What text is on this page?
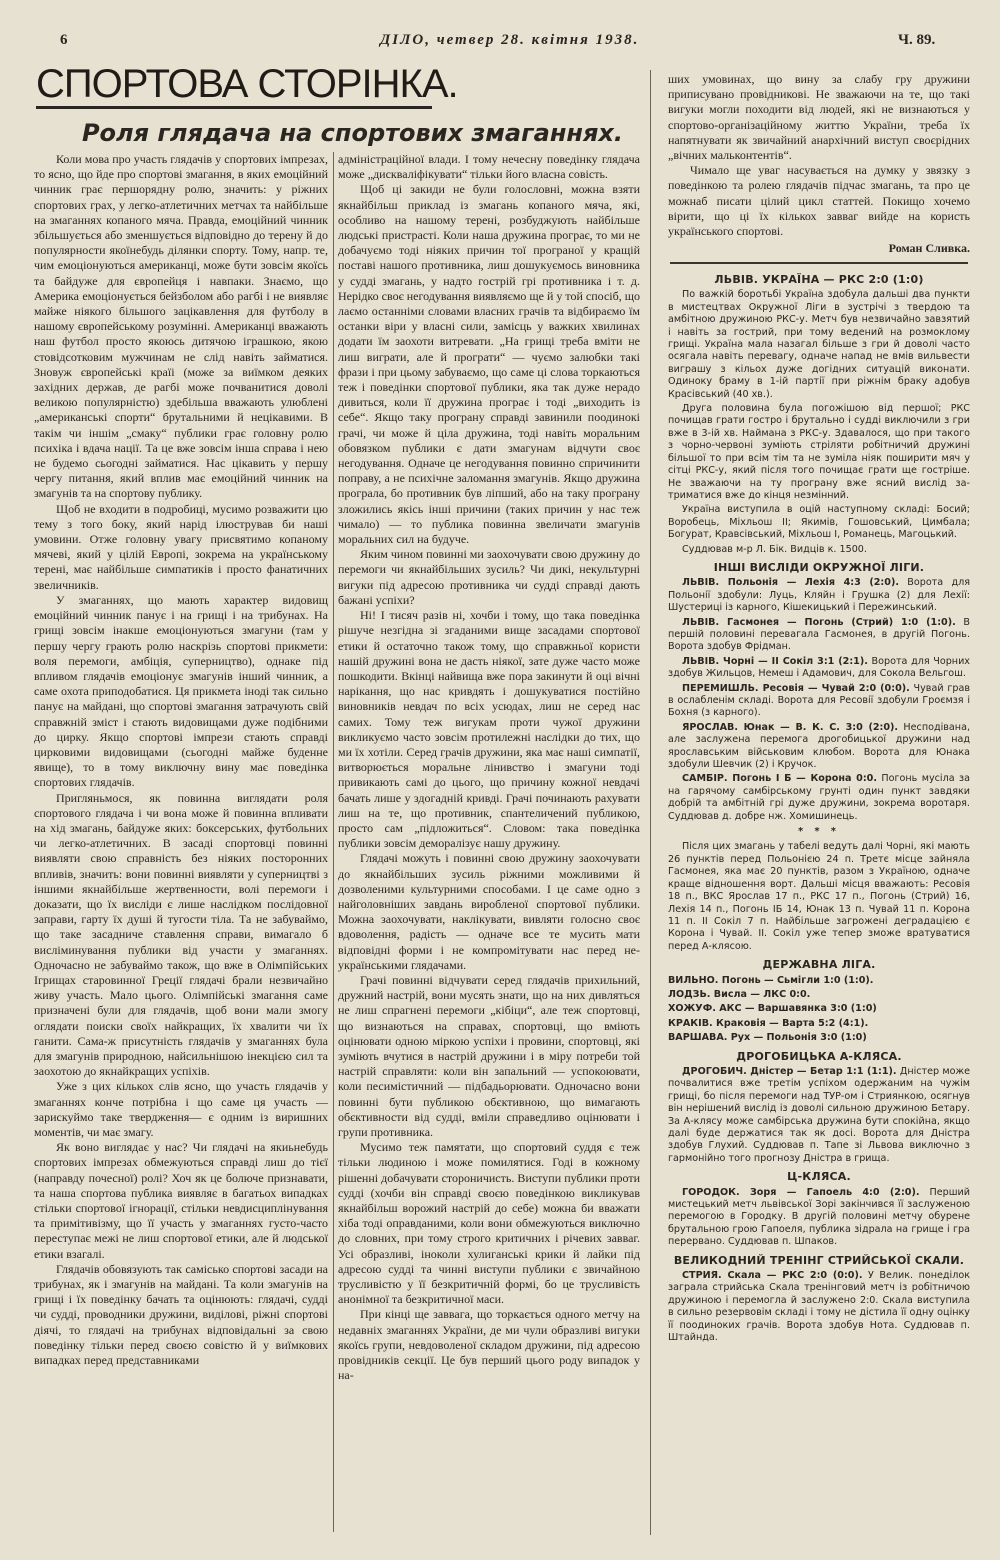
6	ДІЛО, четвер 28. квітня 1938.	Ч. 89.
СПОРТОВА СТОРІНКА.
Роля глядача на спортових змаганнях.

Коли мова про участь глядачів у спортових імпрезах, то ясно, що йде про спортові змагання, в яких емоційний чинник грає першорядну ролю, значить: у ріжних спортових грах, у легко-атлетичних метчах та найбільше на змаганнях копаного мяча. Правда, емоційний чинник збільшується або зменшується відповідно до терену й до популярности якоїнебудь ділянки спорту. Тому, напр. те, чим емоціонуються американці, може бути зовсім якоїсь та байдуже для європейця і навпаки. Знаємо, що Америка емоціонується бейзболом або рагбі і не виявляє майже ніякого більшого зацікавлення для футболу в нашому європейському розумінні. Американці вважають наш футбол просто якоюсь дитячою іграшкою, якою стовідсотковим мужчинам не слід навіть займатися. Зновуж європейські країі (може за виїмком деяких західних держав, де рагбі може почванитися доволі великою популярністю) здебільша вважають улюблені „американські спорти“ брутальними й нецікавими. В такім чи іншім „смаку“ публики грає головну ролю психіка і вдача нації. Та це вже зовсім інша справа і нею не будемо сьогодні займатися. Нас цікавить у першу чергу питання, який вплив має емоційний чинник на змагунів та на спортову публику.

Щоб не входити в подробиці, мусимо розважити цю тему з того боку, який нарід ілюстрував би наші умовини. Отже головну увагу присвятимо копаному мячеві, який у цілій Европі, зокрема на українському терені, має найбільше симпатиків і просто фанатичних звеличників.

У змаганнях, що мають характер видовищ емоційний чинник панує і на грищі і на трибунах. На грищі зовсім інакше емоціонуються змагуни (там у першу чергу грають ролю наскрізь спортові прикмети: воля перемоги, амбіція, суперництво), однаке під впливом глядачів емоціонує змагунів інший чинник, а саме охота приподобатися. Ця прикмета іноді так сильно панує на майдані, що спортові змагання затрачують свій справжній зміст і стають видовищами дуже подібними до цирку. Якщо спортові імпрези стають справді цирковими видовищами (сьогодні майже буденне явище), то в тому виключну вину має поведінка спортових глядачів.

Пригляньмося, як повинна виглядати роля спортового глядача і чи вона може й повинна впливати на хід змагань, байдуже яких: боксерських, футбольних чи легко-атлетичних. В засаді спортовці повинні виявляти свою справність без ніяких посторонних впливів, значить: вони повинні виявляти у суперництві з іншими якнайбільше жертвенности, волі перемоги і доказати, що їх висліди є лише наслідком послідовної заправи, гарту їх душі й тугости тіла. Та не забуваймо, що таке засадниче ставлення справи, вимагало б висліминування публики від участи у змаганнях. Одночасно не забуваймо також, що вже в Олімпійських Ігрищах старовинної Греції глядачі брали незвичайно живу участь. Мало цього. Олімпійські змагання саме призначені були для глядачів, щоб вони мали змогу оглядати поиски своїх найкращих, їх хвалити чи їх ганити. Сама-ж присутність глядачів у змаганнях була для змагунів природною, найсильнішою інекцією сил та заохотою до якнайкращих успіхів.

Уже з цих кількох слів ясно, що участь глядачів у змаганнях конче потрібна і що саме ця участь — зарискуймо таке твердження— є одним із виришних моментів, чи має змагу.

Як воно виглядає у нас? Чи глядачі на якиьнебудь спортових імпрезах обмежуються справді лиш до тієї (направду почесної) ролі? Хоч як це болюче признавати, та наша спортова публика виявляє в багатьох випадках стільки спортової ігнорації, стільки невдисциплінування та примітивізму, що її участь у змаганнях густо-часто переступає межі не лиш спортової етики, але й людської етики взагалі.

Глядачів обовязують так самісько спортові засади на трибунах, як і змагунів на майдані. Та коли змагунів на грищі і їх поведінку бачать та оцінюють: глядачі, судді чи судді, проводники дружини, виділові, ріжні спортові діячі, то глядачі на трибунах відповідальні за свою поведінку тільки перед своєю совістю й у виїмкових випадках перед представниками

адміністраційної влади. І тому нечесну поведінку глядача може „дискваліфікувати“ тільки його власна совість.

Щоб ці закиди не були голословні, можна взяти якнайбільш приклад із змагань копаного мяча, які, особливо на нашому терені, розбуджують найбільше людські пристрасті. Коли наша дружина програє, то ми не добачуємо тоді ніяких причин тої програної у кращій поставі нашого противника, лиш дошукуємось виновника у судді змагань, у надто гострій грі противника і т. д. Нерідко своє негодування виявляємо ще й у той спосіб, що лаємо останніми словами власних грачів та відбираємо їм останки віри у власні сили, замісць у важких хвилинах додати їм заохоти витревати. „На грищі треба вміти не лиш виграти, але й програти“ — чуємо залюбки такі фрази і при цьому забуваємо, що саме ці слова торкаються теж і поведінки спортової публики, яка так дуже нерадо дивиться, коли її дружина програє і тоді „виходить із себе“. Якщо таку програну справді завинили поодинокі грачі, чи може й ціла дружина, тоді навіть моральним обовязком публики є дати змагунам відчути своє негодування. Одначе це негодування повинно спричинити поправу, а не психічне заломання змагунів. Якщо дружина програла, бо противник був ліпший, або на таку програну зложились якісь інші причини (таких причин у нас теж чимало) — то публика повинна звеличати змагунів моральних сил на будуче.

Яким чином повинні ми заохочувати свою дружину до перемоги чи якнайбільших зусиль? Чи дикі, некультурні вигуки під адресою противника чи судді справді дають бажані успіхи?

Ні! І тисяч разів ні, хочби і тому, що така поведінка рішуче незгідна зі згаданими вище засадами спортової етики й остаточно також тому, що справжньої користи нашій дружині вона не дасть ніякої, зате дуже часто може пошкодити. Вкінці найвища вже пора закинути й оці вічні нарікання, що нас кривдять і дошукуватися постійно виновників невдач по всіх усюдах, лиш не серед нас самих. Тому теж вигукам проти чужої дружини викликуємо часто зовсім протилежні наслідки до тих, що ми їх хотіли. Серед грачів дружини, яка має наші симпатії, витворюється моральне лінивство і змагуни тоді привикають самі до цього, що причину кожної невдачі бачать лише у здогадній кривді. Грачі починають рахувати лиш на те, що противник, спантеличений публикою, просто сам „підложиться“. Словом: така поведінка публики зовсім деморалізує нашу дружину.

Глядачі можуть і повинні свою дружину заохочувати до якнайбільших зусиль ріжними можливими й дозволеними культурними способами. І це саме одно з найголовніших завдань виробленої спортової публики. Можна заохочувати, наклікувати, вивляти голосно своє вдоволення, радість — одначе все те мусить мати відповідні форми і не компромітувати нас перед не-українськими глядачами.

Грачі повинні відчувати серед глядачів прихильний, дружний настрій, вони мусять знати, що на них дивляться не лиш спрагнені перемоги „кібіци“, але теж спортовці, що визнаються на справах, спортовці, що вміють оцінювати одною міркою успіхи і провини, спортовці, які зуміють вчутися в настрій дружини і в міру потреби той настрій справляти: коли він запальний — успокоювати, коли песимістичний — підбадьорювати. Одночасно вони повинні бути публикою обєктивною, що вимагають обєктивности від судді, вміли справедливо оцінювати і групи противника.

Мусимо теж памятати, що спортовий суддя є теж тільки людиною і може помилятися. Годі в кожному рішенні добачувати стороничисть. Виступи публики проти судді (хочби він справді своєю поведінкою викликував якнайбільш ворожий настрій до себе) можна би вважати хіба тоді оправданими, коли вони обмежуються виключно до словних, при тому строго критичних і річевих завваг. Усі образливі, іноколи хулиганські крики й лайки під адресою судді та чинні виступи публики є звичайною трусливістю у її безкритичній формі, бо це трусливість анонімної та безкритичної маси.

При кінці ще заввага, що торкається одного метчу на недавніх змаганнях України, де ми чули образливі вигуки якоїсь групи, невдоволеної складом дружини, під адресою провідників секції. Це був перший цього роду випадок у на-

ших умовинах, що вину за слабу гру дружини приписувано провідникові. Не зважаючи на те, що такі вигуки могли походити від людей, які не визнаються у спортово-організаційному життю України, треба їх напятнувати як звичайний анархічний виступ своєрідних „вічних мальконтентів“.

Чимало ще уваг насувається на думку у звязку з поведінкою та ролею глядачів підчас змагань, та про це можнаб писати цілий цикл статтей. Покищо хочемо вірити, що ці їх кількох завваг вийде на користь українського спортові.

Роман Сливка.

ЛЬВІВ. УКРАЇНА — РКС 2:0 (1:0)

По важкій боротьбі Україна здобула дальші два пункти в мистецтвах Окружної Ліги в зустрічі з твердою та амбітною дружиною РКС-у. Метч був незвичайно завзятий і навіть за гострий, при тому ведений на розмоклому грищі. Україна мала назагал більше з гри й доволі часто осягала навіть перевагу, одначе напад не вмів вильвести виграшу з кільох дуже догідних ситуацій виконати. Одиноку браму в 1-ій партії при ріжнім браку адобув Красівський (40 хв.).

Друга половина була погожішою від першої; РКС почищав грати гостро і брутально і судді виключили з гри вже в 3-ій хв. Наймана з РКС-у. Здавалося, що при такого з чорно-червоні зуміють стріляти робітничий дружині більшої то при всім тім та не зуміла ніяк поширити мяч у сітці РКС-у, який після того почищає грати ще гостріше. Не зважаючи на ту програну вже ясний вислід затриматися вже до кінця незмінний.

Україна виступила в оцій наступному складі: Босий; Воробець, Міхльош ІІ; Якимів, Гошовський, Цимбала; Богурат, Кравсівський, Міхльош І, Романець, Магоцький.

Суддював м-р Л. Бік. Видців к. 1500.

ІНШІ ВИСЛІДИ ОКРУЖНОЇ ЛІГИ.

ЛЬВІВ. Польонія — Лехія 4:3 (2:0). Ворота для Польонії здобули: Луць, Кляйн і Грушка (2) для Лехії: Шустерицi із карного, Кішекицький і Пережинський.

ЛЬВІВ. Гасмонея — Погонь (Стрий) 1:0 (1:0). В першій половині перевагала Гасмонея, в другій Погонь. Ворота здобув Фрідман.

ЛЬВІВ. Чорні — ІІ Сокіл 3:1 (2:1). Ворота для Чорних здобув Жильцов, Немеш і Адамович, для Сокола Вельгош.

ПЕРЕМИШЛЬ. Ресовія — Чувай 2:0 (0:0). Чувай грав в ослабленім складі. Ворота для Ресовії здобули Гроємзя і Бохня (з карного).

ЯРОСЛАВ. Юнак — В. К. С. 3:0 (2:0). Несподівана, але заслужена перемога дрогобицької дружини над ярославським військовим клюбом. Ворота для Юнака здобули Шевчик (2) і Кручок.

САМБІР. Погонь І Б — Корона 0:0. Погонь мусіла за на гарячому самбірському грунті один пункт завдяки добрій та амбітній грі дуже дружини, зокрема воротаря. Суддював д. добре нж. Хомишинець.

* * *

Після цих змагань у табелі ведуть далі Чорні, які мають 26 пунктів перед Польонією 24 п. Третє місце зайняла Гасмонея, яка має 20 пунктів, разом з Україною, одначе краще відношення ворт. Дальші місця вважають: Ресовія 18 п., ВКС Ярослав 17 п., РКС 17 п., Погонь (Стрий) 16, Лехія 14 п., Погонь ІБ 14, Юнак 13 п. Чувай 11 п. Корона 11 п. ІІ Сокіл 7 п. Найбільше загрожені деградацією є Корона і Чувай. ІІ. Сокіл уже тепер зможе вратуватися перед А-клясою.

ДЕРЖАВНА ЛІГА.

ВИЛЬНО. Погонь — Сьмігли 1:0 (1:0).

ЛОДЗЬ. Висла — ЛКС 0:0.

ХОЖУФ. АКС — Варшавянка 3:0 (1:0)

КРАКІВ. Краковія — Варта 5:2 (4:1).

ВАРШАВА. Рух — Польонія 3:0 (1:0)

ДРОГОБИЦЬКА А-КЛЯСА.

ДРОГОБИЧ. Дністер — Бетар 1:1 (1:1). Дністер може почвалитися вже третім успіхом одержаним на чужім грищі, бо після перемоги над ТУР-ом і Стриянкою, осягнув він нерішений вислід із доволі сильною дружиною Бетару. За А-клясу може самбірська дружина бути спокійна, якщо далі буде держатися так як досі. Ворота для Дністра здобув Глухий. Суддював п. Тапе зі Львова виключно з гармонійно того прогнозу Дністра в грища.

Ц-КЛЯСА.

ГОРОДОК. Зоря — Гапоель 4:0 (2:0). Перший мистецький метч львівської Зорі закінчився її заслуженою перемогою в Городку. В другій половині метчу обурене брутальною грою Гапоеля, публика зідрала на грище і гра перервано. Суддював п. Шпаков.

ВЕЛИКОДНИЙ ТРЕНІНГ СТРИЙСЬКОЇ СКАЛИ.

СТРИЯ. Скала — РКС 2:0 (0:0). У Велик. понеділок заграла стрийська Скала тренінговий метч із робітничою дружиною і перемогла й заслужено 2:0. Скала виступила в сильно резервовім складі і тому не дістила її одну оцінку її поодиноких грачів. Ворота здобув Нота. Суддював п. Штайнда.
